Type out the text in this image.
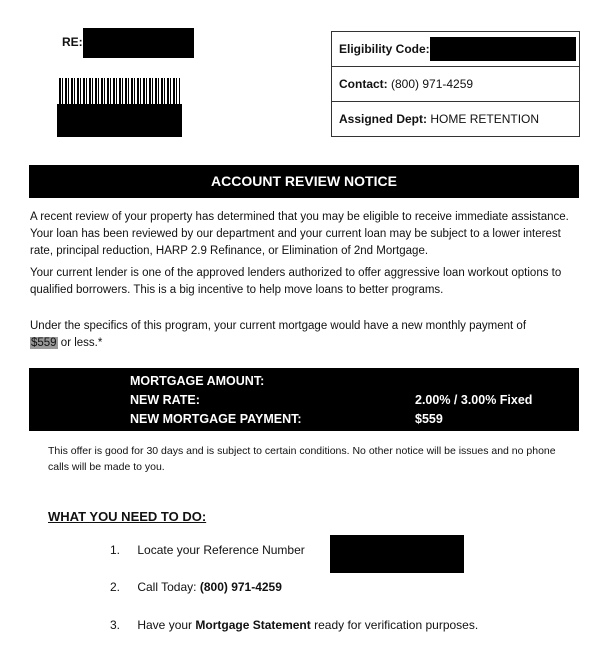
RE:	Eligibility Code:
Contact: (800) 971-4259
Assigned Dept: HOME RETENTION
ACCOUNT REVIEW NOTICE
A recent review of your property has determined that you may be eligible to receive immediate assistance. Your loan has been reviewed by our department and your current loan may be subject to a lower interest rate, principal reduction, HARP 2.9 Refinance, or Elimination of 2nd Mortgage.
Your current lender is one of the approved lenders authorized to offer aggressive loan workout options to qualified borrowers. This is a big incentive to help move loans to better programs.
Under the specifics of this program, your current mortgage would have a new monthly payment of
$559 or less.*
MORTGAGE AMOUNT:
NEW RATE:
NEW MORTGAGE PAYMENT:
2.00% / 3.00% Fixed
$559
This offer is good for 30 days and is subject to certain conditions. No other notice will be issues and no phone calls will be made to you.
WHAT YOU NEED TO DO:
1. Locate your Reference Number
2. Call Today: (800) 971-4259
3. Have your Mortgage Statement ready for verification purposes.
